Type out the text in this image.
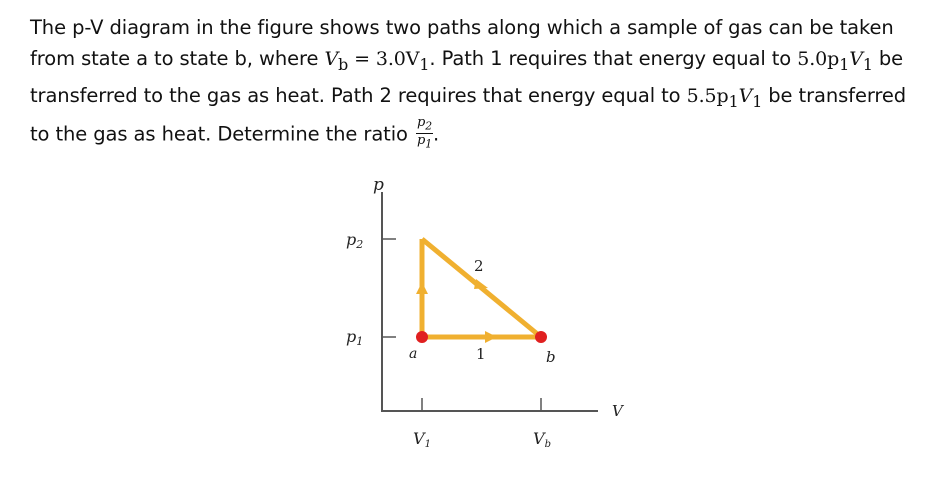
The p-V diagram in the figure shows two paths along which a sample of gas can be taken
from state a to state b, where $V_b = 3.0V_1$. Path 1 requires that energy equal to $5.0p_1V_1$ be
transferred to the gas as heat. Path 2 requires that energy equal to $5.5p_1V_1$ be transferred
to the gas as heat. Determine the ratio $\frac{p_2}{p_1}$ .
p
V
p2
p1
V1	Vb
a	b
1
2
